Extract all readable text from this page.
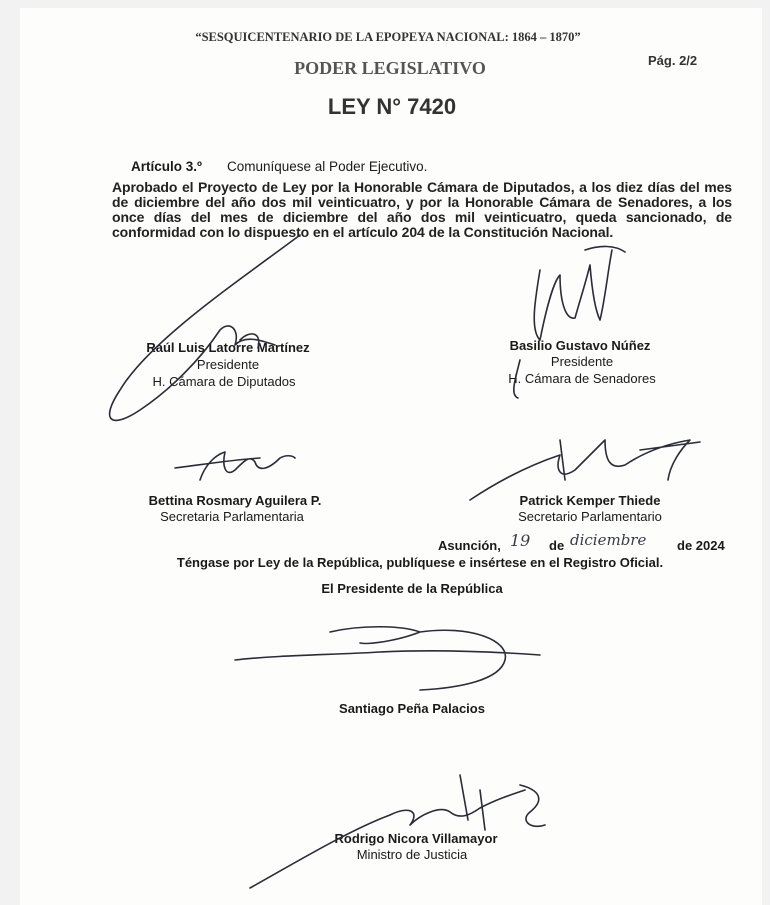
“SESQUICENTENARIO DE LA EPOPEYA NACIONAL: 1864 – 1870”
PODER LEGISLATIVO	Pág. 2/2
LEY N° 7420
Artículo 3.º Comuníquese al Poder Ejecutivo.
Aprobado el Proyecto de Ley por la Honorable Cámara de Diputados, a los diez días del mes de diciembre del año dos mil veinticuatro, y por la Honorable Cámara de Senadores, a los once días del mes de diciembre del año dos mil veinticuatro, queda sancionado, de conformidad con lo dispuesto en el artículo 204 de la Constitución Nacional.
Raúl Luis Latorre Martínez
Presidente
H. Cámara de Diputados
Basilio Gustavo Núñez
Presidente
H. Cámara de Senadores
Bettina Rosmary Aguilera P.
Secretaria Parlamentaria
Patrick Kemper Thiede
Secretario Parlamentario
Asunción, 19 de diciembre de 2024
Téngase por Ley de la República, publíquese e insértese en el Registro Oficial.
El Presidente de la República
Santiago Peña Palacios
Rodrigo Nicora Villamayor
Ministro de Justicia
